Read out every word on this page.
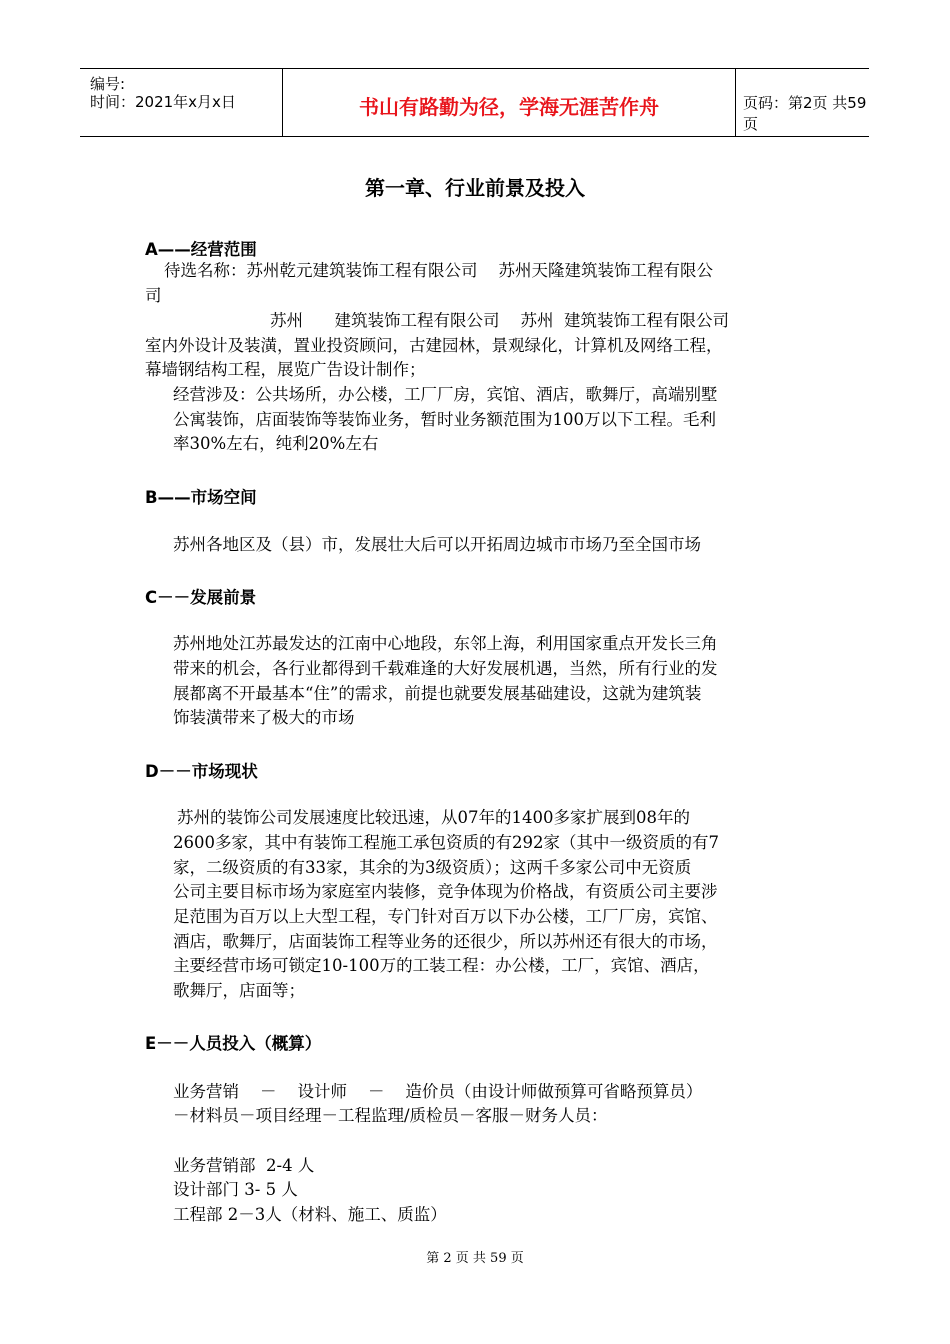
编号:
时间：2021年x月x日	书山有路勤为径，学海无涯苦作舟	页码：第2页 共59页
第一章、行业前景及投入
A——经营范围
待选名称：苏州乾元建筑装饰工程有限公司    苏州天隆建筑装饰工程有限公
司
苏州      建筑装饰工程有限公司    苏州  建筑装饰工程有限公司
室内外设计及装潢，置业投资顾问，古建园林，景观绿化，计算机及网络工程，
幕墙钢结构工程，展览广告设计制作；
经营涉及：公共场所，办公楼，工厂厂房，宾馆、酒店，歌舞厅，高端别墅
公寓装饰，店面装饰等装饰业务，暂时业务额范围为100万以下工程。毛利
率30%左右，纯利20%左右
B——市场空间
苏州各地区及（县）市，发展壮大后可以开拓周边城市市场乃至全国市场
C－－发展前景
苏州地处江苏最发达的江南中心地段，东邻上海，利用国家重点开发长三角
带来的机会，各行业都得到千载难逢的大好发展机遇，当然，所有行业的发
展都离不开最基本“住”的需求，前提也就要发展基础建设，这就为建筑装
饰装潢带来了极大的市场
D－－市场现状
苏州的装饰公司发展速度比较迅速，从07年的1400多家扩展到08年的
2600多家，其中有装饰工程施工承包资质的有292家（其中一级资质的有7
家，二级资质的有33家，其余的为3级资质）；这两千多家公司中无资质
公司主要目标市场为家庭室内装修，竞争体现为价格战，有资质公司主要涉
足范围为百万以上大型工程，专门针对百万以下办公楼，工厂厂房，宾馆、
酒店，歌舞厅，店面装饰工程等业务的还很少，所以苏州还有很大的市场，
主要经营市场可锁定10-100万的工装工程：办公楼，工厂，宾馆、酒店，
歌舞厅，店面等；
E－－人员投入（概算）
业务营销    －    设计师    －    造价员（由设计师做预算可省略预算员）
－材料员－项目经理－工程监理/质检员－客服－财务人员：
业务营销部  2-4 人
设计部门 3- 5 人
工程部 2－3人（材料、施工、质监）
第 2 页 共 59 页
